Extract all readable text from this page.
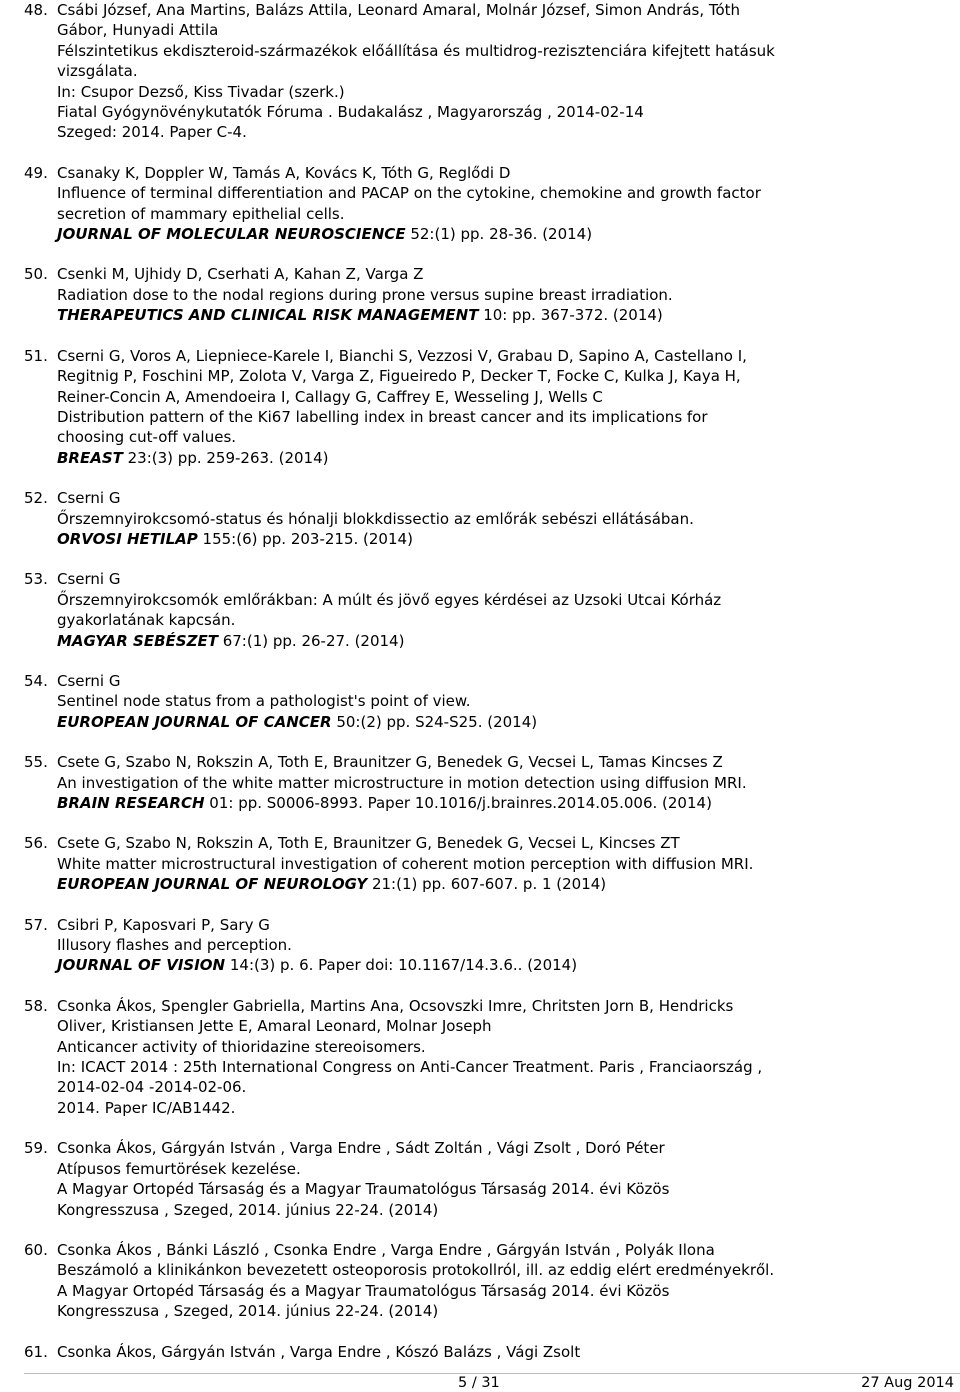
48. Csábi József, Ana Martins, Balázs Attila, Leonard Amaral, Molnár József, Simon András, Tóth
Gábor, Hunyadi Attila
Félszintetikus ekdiszteroid-származékok előállítása és multidrog-rezisztenciára kifejtett hatásuk
vizsgálata.
In: Csupor Dezső, Kiss Tivadar (szerk.)
Fiatal Gyógynövénykutatók Fóruma . Budakalász , Magyarország , 2014-02-14
Szeged: 2014. Paper C-4.
49. Csanaky K, Doppler W, Tamás A, Kovács K, Tóth G, Reglődi D
Influence of terminal differentiation and PACAP on the cytokine, chemokine and growth factor
secretion of mammary epithelial cells.
JOURNAL OF MOLECULAR NEUROSCIENCE 52:(1) pp. 28-36. (2014)
50. Csenki M, Ujhidy D, Cserhati A, Kahan Z, Varga Z
Radiation dose to the nodal regions during prone versus supine breast irradiation.
THERAPEUTICS AND CLINICAL RISK MANAGEMENT 10: pp. 367-372. (2014)
51. Cserni G, Voros A, Liepniece-Karele I, Bianchi S, Vezzosi V, Grabau D, Sapino A, Castellano I,
Regitnig P, Foschini MP, Zolota V, Varga Z, Figueiredo P, Decker T, Focke C, Kulka J, Kaya H,
Reiner-Concin A, Amendoeira I, Callagy G, Caffrey E, Wesseling J, Wells C
Distribution pattern of the Ki67 labelling index in breast cancer and its implications for
choosing cut-off values.
BREAST 23:(3) pp. 259-263. (2014)
52. Cserni G
Őrszemnyirokcsomó-status és hónalji blokkdissectio az emlőrák sebészi ellátásában.
ORVOSI HETILAP 155:(6) pp. 203-215. (2014)
53. Cserni G
Őrszemnyirokcsomók emlőrákban: A múlt és jövő egyes kérdései az Uzsoki Utcai Kórház
gyakorlatának kapcsán.
MAGYAR SEBÉSZET 67:(1) pp. 26-27. (2014)
54. Cserni G
Sentinel node status from a pathologist's point of view.
EUROPEAN JOURNAL OF CANCER 50:(2) pp. S24-S25. (2014)
55. Csete G, Szabo N, Rokszin A, Toth E, Braunitzer G, Benedek G, Vecsei L, Tamas Kincses Z
An investigation of the white matter microstructure in motion detection using diffusion MRI.
BRAIN RESEARCH 01: pp. S0006-8993. Paper 10.1016/j.brainres.2014.05.006. (2014)
56. Csete G, Szabo N, Rokszin A, Toth E, Braunitzer G, Benedek G, Vecsei L, Kincses ZT
White matter microstructural investigation of coherent motion perception with diffusion MRI.
EUROPEAN JOURNAL OF NEUROLOGY 21:(1) pp. 607-607. p. 1 (2014)
57. Csibri P, Kaposvari P, Sary G
Illusory flashes and perception.
JOURNAL OF VISION 14:(3) p. 6. Paper doi: 10.1167/14.3.6.. (2014)
58. Csonka Ákos, Spengler Gabriella, Martins Ana, Ocsovszki Imre, Chritsten Jorn B, Hendricks
Oliver, Kristiansen Jette E, Amaral Leonard, Molnar Joseph
Anticancer activity of thioridazine stereoisomers.
In: ICACT 2014 : 25th International Congress on Anti-Cancer Treatment. Paris , Franciaország ,
2014-02-04 -2014-02-06.
2014. Paper IC/AB1442.
59. Csonka Ákos, Gárgyán István , Varga Endre , Sádt Zoltán , Vági Zsolt , Doró Péter
Atípusos femurtörések kezelése.
A Magyar Ortopéd Társaság és a Magyar Traumatológus Társaság 2014. évi Közös
Kongresszusa , Szeged, 2014. június 22-24. (2014)
60. Csonka Ákos , Bánki László , Csonka Endre , Varga Endre , Gárgyán István , Polyák Ilona
Beszámoló a klinikánkon bevezetett osteoporosis protokollról, ill. az eddig elért eredményekről.
A Magyar Ortopéd Társaság és a Magyar Traumatológus Társaság 2014. évi Közös
Kongresszusa , Szeged, 2014. június 22-24. (2014)
61. Csonka Ákos, Gárgyán István , Varga Endre , Kószó Balázs , Vági Zsolt
5 / 31	27 Aug 2014
